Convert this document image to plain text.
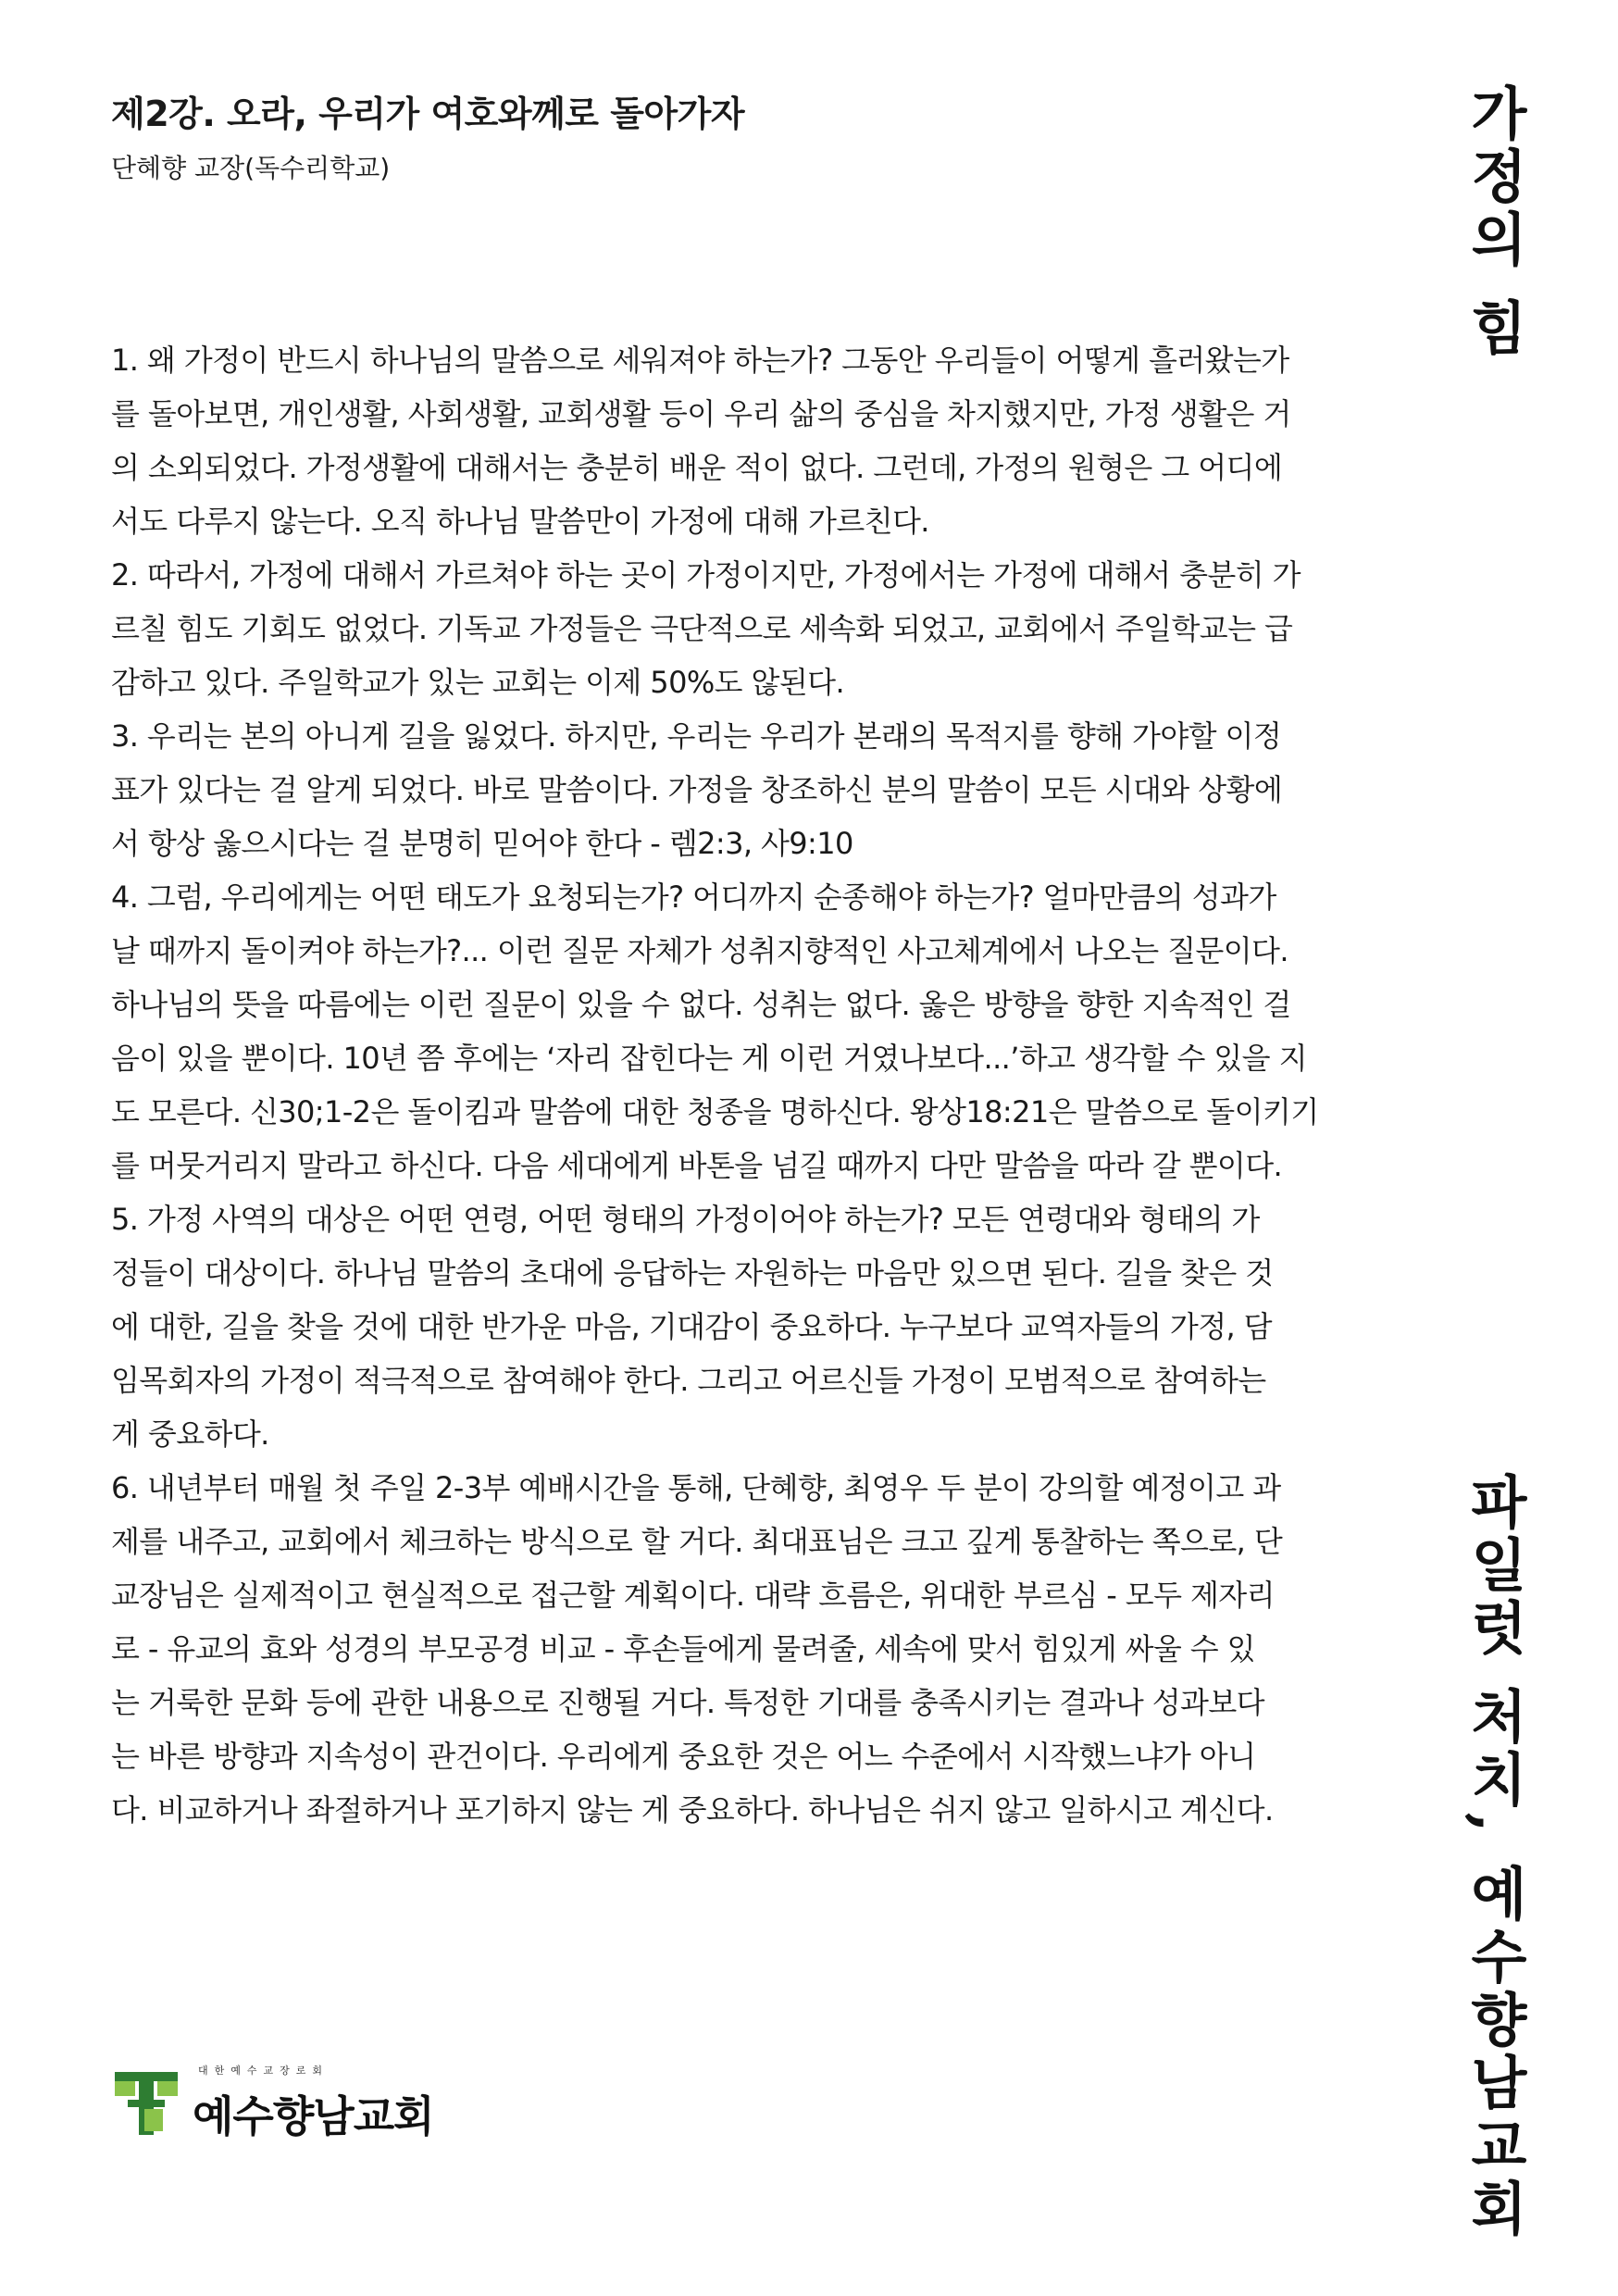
제2강. 오라, 우리가 여호와께로 돌아가자
단혜향 교장(독수리학교)
1. 왜 가정이 반드시 하나님의 말씀으로 세워져야 하는가? 그동안 우리들이 어떻게 흘러왔는가
를 돌아보면, 개인생활, 사회생활, 교회생활 등이 우리 삶의 중심을 차지했지만, 가정 생활은 거
의 소외되었다. 가정생활에 대해서는 충분히 배운 적이 없다. 그런데, 가정의 원형은 그 어디에
서도 다루지 않는다. 오직 하나님 말씀만이 가정에 대해 가르친다.
2. 따라서, 가정에 대해서 가르쳐야 하는 곳이 가정이지만, 가정에서는 가정에 대해서 충분히 가
르칠 힘도 기회도 없었다. 기독교 가정들은 극단적으로 세속화 되었고, 교회에서 주일학교는 급
감하고 있다. 주일학교가 있는 교회는 이제 50%도 않된다.
3. 우리는 본의 아니게 길을 잃었다. 하지만, 우리는 우리가 본래의 목적지를 향해 가야할 이정
표가 있다는 걸 알게 되었다. 바로 말씀이다. 가정을 창조하신 분의 말씀이 모든 시대와 상황에
서 항상 옳으시다는 걸 분명히 믿어야 한다 - 렘2:3, 사9:10
4. 그럼, 우리에게는 어떤 태도가 요청되는가? 어디까지 순종해야 하는가? 얼마만큼의 성과가
날 때까지 돌이켜야 하는가?... 이런 질문 자체가 성취지향적인 사고체계에서 나오는 질문이다.
하나님의 뜻을 따름에는 이런 질문이 있을 수 없다. 성취는 없다. 옳은 방향을 향한 지속적인 걸
음이 있을 뿐이다. 10년 쯤 후에는 ‘자리 잡힌다는 게 이런 거였나보다...’하고 생각할 수 있을 지
도 모른다. 신30;1-2은 돌이킴과 말씀에 대한 청종을 명하신다. 왕상18:21은 말씀으로 돌이키기
를 머뭇거리지 말라고 하신다. 다음 세대에게 바톤을 넘길 때까지 다만 말씀을 따라 갈 뿐이다.
5. 가정 사역의 대상은 어떤 연령, 어떤 형태의 가정이어야 하는가? 모든 연령대와 형태의 가
정들이 대상이다. 하나님 말씀의 초대에 응답하는 자원하는 마음만 있으면 된다. 길을 찾은 것
에 대한, 길을 찾을 것에 대한 반가운 마음, 기대감이 중요하다. 누구보다 교역자들의 가정, 담
임목회자의 가정이 적극적으로 참여해야 한다. 그리고 어르신들 가정이 모범적으로 참여하는
게 중요하다.
6. 내년부터 매월 첫 주일 2-3부 예배시간을 통해, 단혜향, 최영우 두 분이 강의할 예정이고 과
제를 내주고, 교회에서 체크하는 방식으로 할 거다. 최대표님은 크고 깊게 통찰하는 쪽으로, 단
교장님은 실제적이고 현실적으로 접근할 계획이다. 대략 흐름은, 위대한 부르심 - 모두 제자리
로 - 유교의 효와 성경의 부모공경 비교 - 후손들에게 물려줄, 세속에 맞서 힘있게 싸울 수 있
는 거룩한 문화 등에 관한 내용으로 진행될 거다. 특정한 기대를 충족시키는 결과나 성과보다
는 바른 방향과 지속성이 관건이다. 우리에게 중요한 것은 어느 수준에서 시작했느냐가 아니
다. 비교하거나 좌절하거나 포기하지 않는 게 중요하다. 하나님은 쉬지 않고 일하시고 계신다.
가정의 힘
파일럿 처치, 예수향남교회
대한예수교장로회
예수향남교회
